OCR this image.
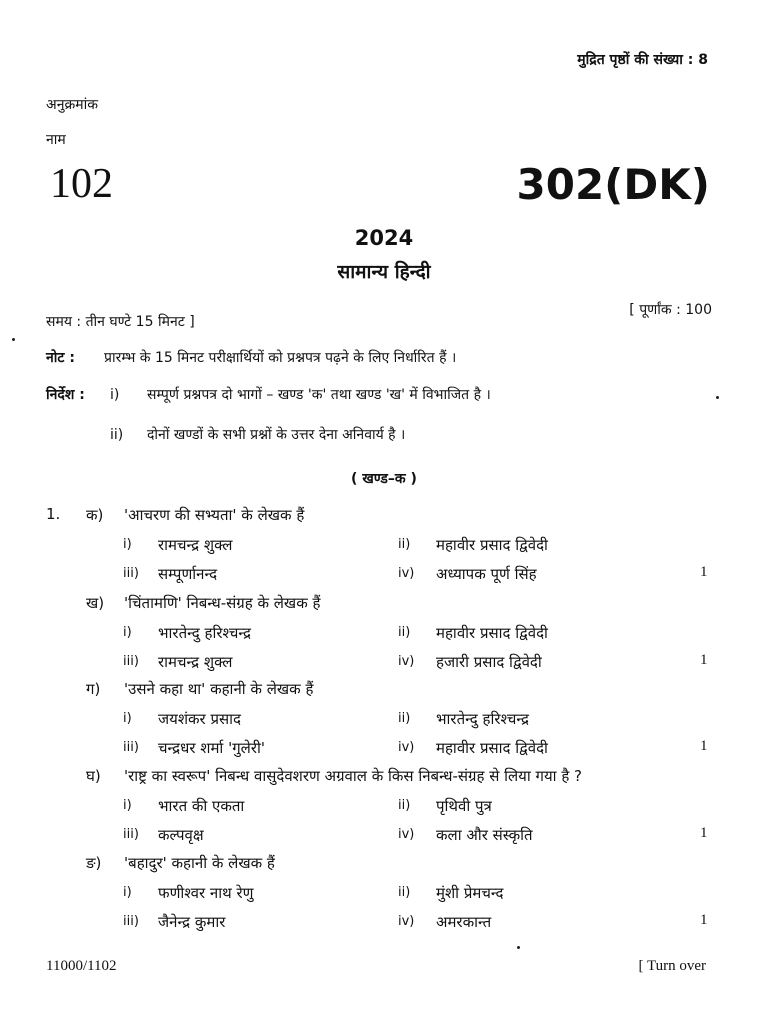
मुद्रित पृष्ठों की संख्या : 8
अनुक्रमांक
नाम
102	302(DK)
2024
सामान्य हिन्दी
समय : तीन घण्टे 15 मिनट ]
[ पूर्णांक : 100
नोट : प्रारम्भ के 15 मिनट परीक्षार्थियों को प्रश्नपत्र पढ़ने के लिए निर्धारित हैं ।
निर्देश : i) सम्पूर्ण प्रश्नपत्र दो भागों – खण्ड 'क' तथा खण्ड 'ख' में विभाजित है ।
ii) दोनों खण्डों के सभी प्रश्नों के उत्तर देना अनिवार्य है ।
( खण्ड–क )
1. क) 'आचरण की सभ्यता' के लेखक हैं
i) रामचन्द्र शुक्ल	ii) महावीर प्रसाद द्विवेदी
iii) सम्पूर्णानन्द	iv) अध्यापक पूर्ण सिंह	1
ख) 'चिंतामणि' निबन्ध-संग्रह के लेखक हैं
i) भारतेन्दु हरिश्चन्द्र	ii) महावीर प्रसाद द्विवेदी
iii) रामचन्द्र शुक्ल	iv) हजारी प्रसाद द्विवेदी	1
ग) 'उसने कहा था' कहानी के लेखक हैं
i) जयशंकर प्रसाद	ii) भारतेन्दु हरिश्चन्द्र
iii) चन्द्रधर शर्मा 'गुलेरी'	iv) महावीर प्रसाद द्विवेदी	1
घ) 'राष्ट्र का स्वरूप' निबन्ध वासुदेवशरण अग्रवाल के किस निबन्ध-संग्रह से लिया गया है ?
i) भारत की एकता	ii) पृथिवी पुत्र
iii) कल्पवृक्ष	iv) कला और संस्कृति	1
ङ) 'बहादुर' कहानी के लेखक हैं
i) फणीश्वर नाथ रेणु	ii) मुंशी प्रेमचन्द
iii) जैनेन्द्र कुमार	iv) अमरकान्त	1
11000/1102	[ Turn over
